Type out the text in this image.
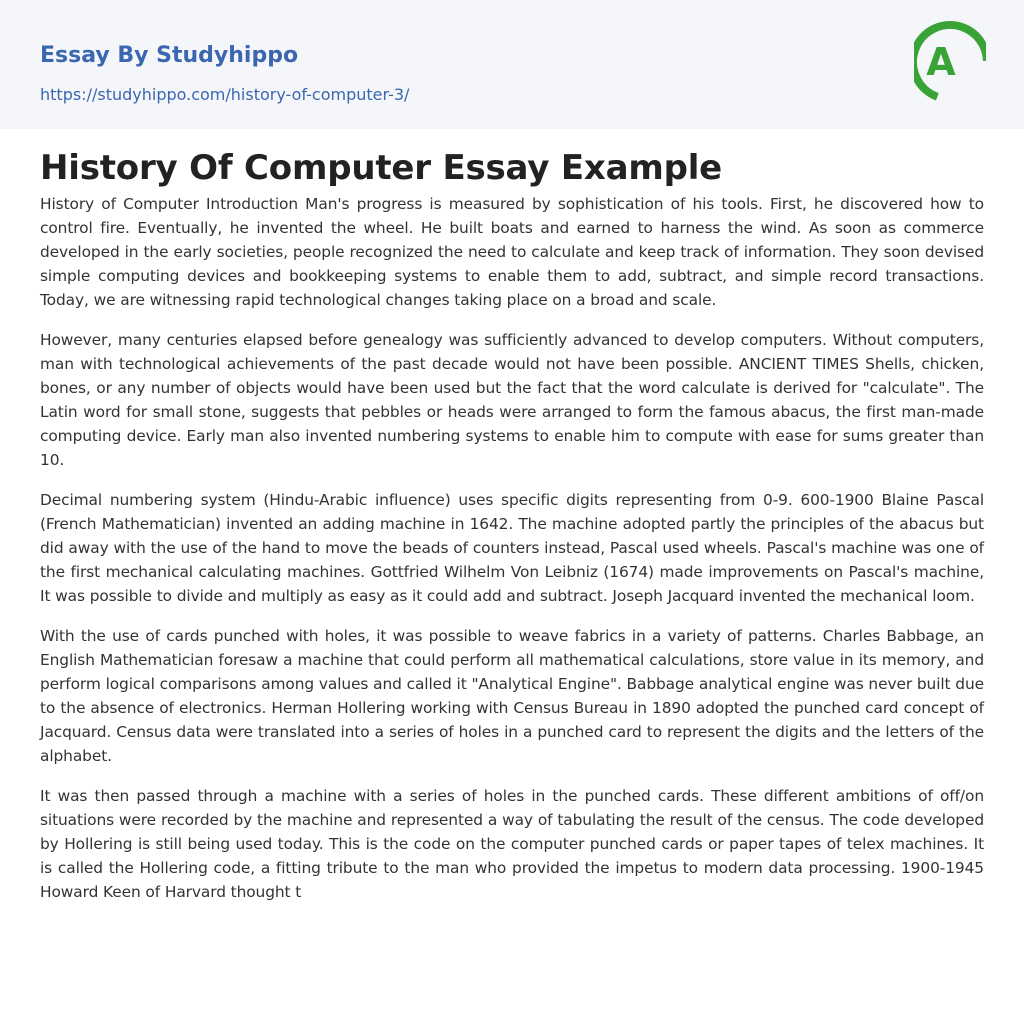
Essay By Studyhippo
https://studyhippo.com/history-of-computer-3/
A
History Of Computer Essay Example

History of Computer Introduction Man's progress is measured by sophistication of his tools. First, he discovered how to control fire. Eventually, he invented the wheel. He built boats and earned to harness the wind. As soon as commerce developed in the early societies, people recognized the need to calculate and keep track of information. They soon devised simple computing devices and bookkeeping systems to enable them to add, subtract, and simple record transactions. Today, we are witnessing rapid technological changes taking place on a broad and scale.

However, many centuries elapsed before genealogy was sufficiently advanced to develop computers. Without computers, man with technological achievements of the past decade would not have been possible. ANCIENT TIMES Shells, chicken, bones, or any number of objects would have been used but the fact that the word calculate is derived for "calculate". The Latin word for small stone, suggests that pebbles or heads were arranged to form the famous abacus, the first man-made computing device. Early man also invented numbering systems to enable him to compute with ease for sums greater than 10.

Decimal numbering system (Hindu-Arabic influence) uses specific digits representing from 0-9. 600-1900 Blaine Pascal (French Mathematician) invented an adding machine in 1642. The machine adopted partly the principles of the abacus but did away with the use of the hand to move the beads of counters instead, Pascal used wheels. Pascal's machine was one of the first mechanical calculating machines. Gottfried Wilhelm Von Leibniz (1674) made improvements on Pascal's machine, It was possible to divide and multiply as easy as it could add and subtract. Joseph Jacquard invented the mechanical loom.

With the use of cards punched with holes, it was possible to weave fabrics in a variety of patterns. Charles Babbage, an English Mathematician foresaw a machine that could perform all mathematical calculations, store value in its memory, and perform logical comparisons among values and called it "Analytical Engine". Babbage analytical engine was never built due to the absence of electronics. Herman Hollering working with Census Bureau in 1890 adopted the punched card concept of Jacquard. Census data were translated into a series of holes in a punched card to represent the digits and the letters of the alphabet.

It was then passed through a machine with a series of holes in the punched cards. These different ambitions of off/on situations were recorded by the machine and represented a way of tabulating the result of the census. The code developed by Hollering is still being used today. This is the code on the computer punched cards or paper tapes of telex machines. It is called the Hollering code, a fitting tribute to the man who provided the impetus to modern data processing. 1900-1945 Howard Keen of Harvard thought t
